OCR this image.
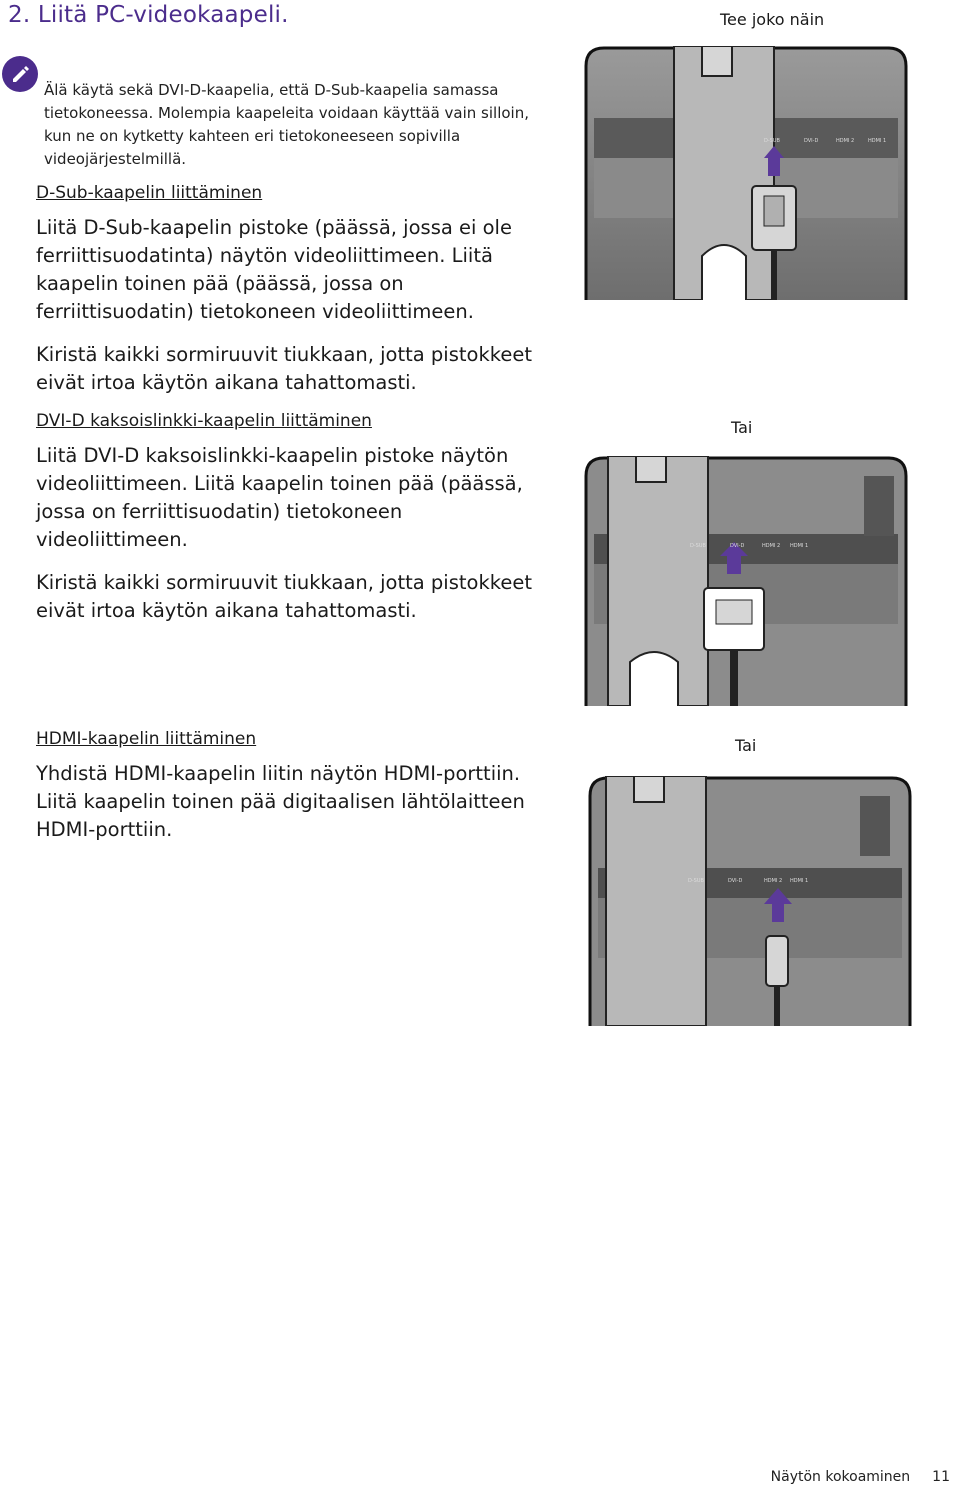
2. Liitä PC-videokaapeli.
Älä käytä sekä DVI-D-kaapelia, että D-Sub-kaapelia samassa tietokoneessa. Molempia kaapeleita voidaan käyttää vain silloin, kun ne on kytketty kahteen eri tietokoneeseen sopivilla videojärjestelmillä.
D-Sub-kaapelin liittäminen
Liitä D-Sub-kaapelin pistoke (päässä, jossa ei ole ferriittisuodatinta) näytön videoliittimeen. Liitä kaapelin toinen pää (päässä, jossa on ferriittisuodatin) tietokoneen videoliittimeen.
Kiristä kaikki sormiruuvit tiukkaan, jotta pistokkeet eivät irtoa käytön aikana tahattomasti.
DVI-D kaksoislinkki-kaapelin liittäminen
Liitä DVI-D kaksoislinkki-kaapelin pistoke näytön videoliittimeen. Liitä kaapelin toinen pää (päässä, jossa on ferriittisuodatin) tietokoneen videoliittimeen.
Kiristä kaikki sormiruuvit tiukkaan, jotta pistokkeet eivät irtoa käytön aikana tahattomasti.
HDMI-kaapelin liittäminen
Yhdistä HDMI-kaapelin liitin näytön HDMI-porttiin. Liitä kaapelin toinen pää digitaalisen lähtölaitteen HDMI-porttiin.
Tee joko näin
Tai
Tai
D-SUB	DVI-D	HDMI 2	HDMI 1
D-SUB	DVI-D	HDMI 2 HDMI 1
D-SUB	DVI-D	HDMI 2 HDMI 1
Näytön kokoaminen 11
